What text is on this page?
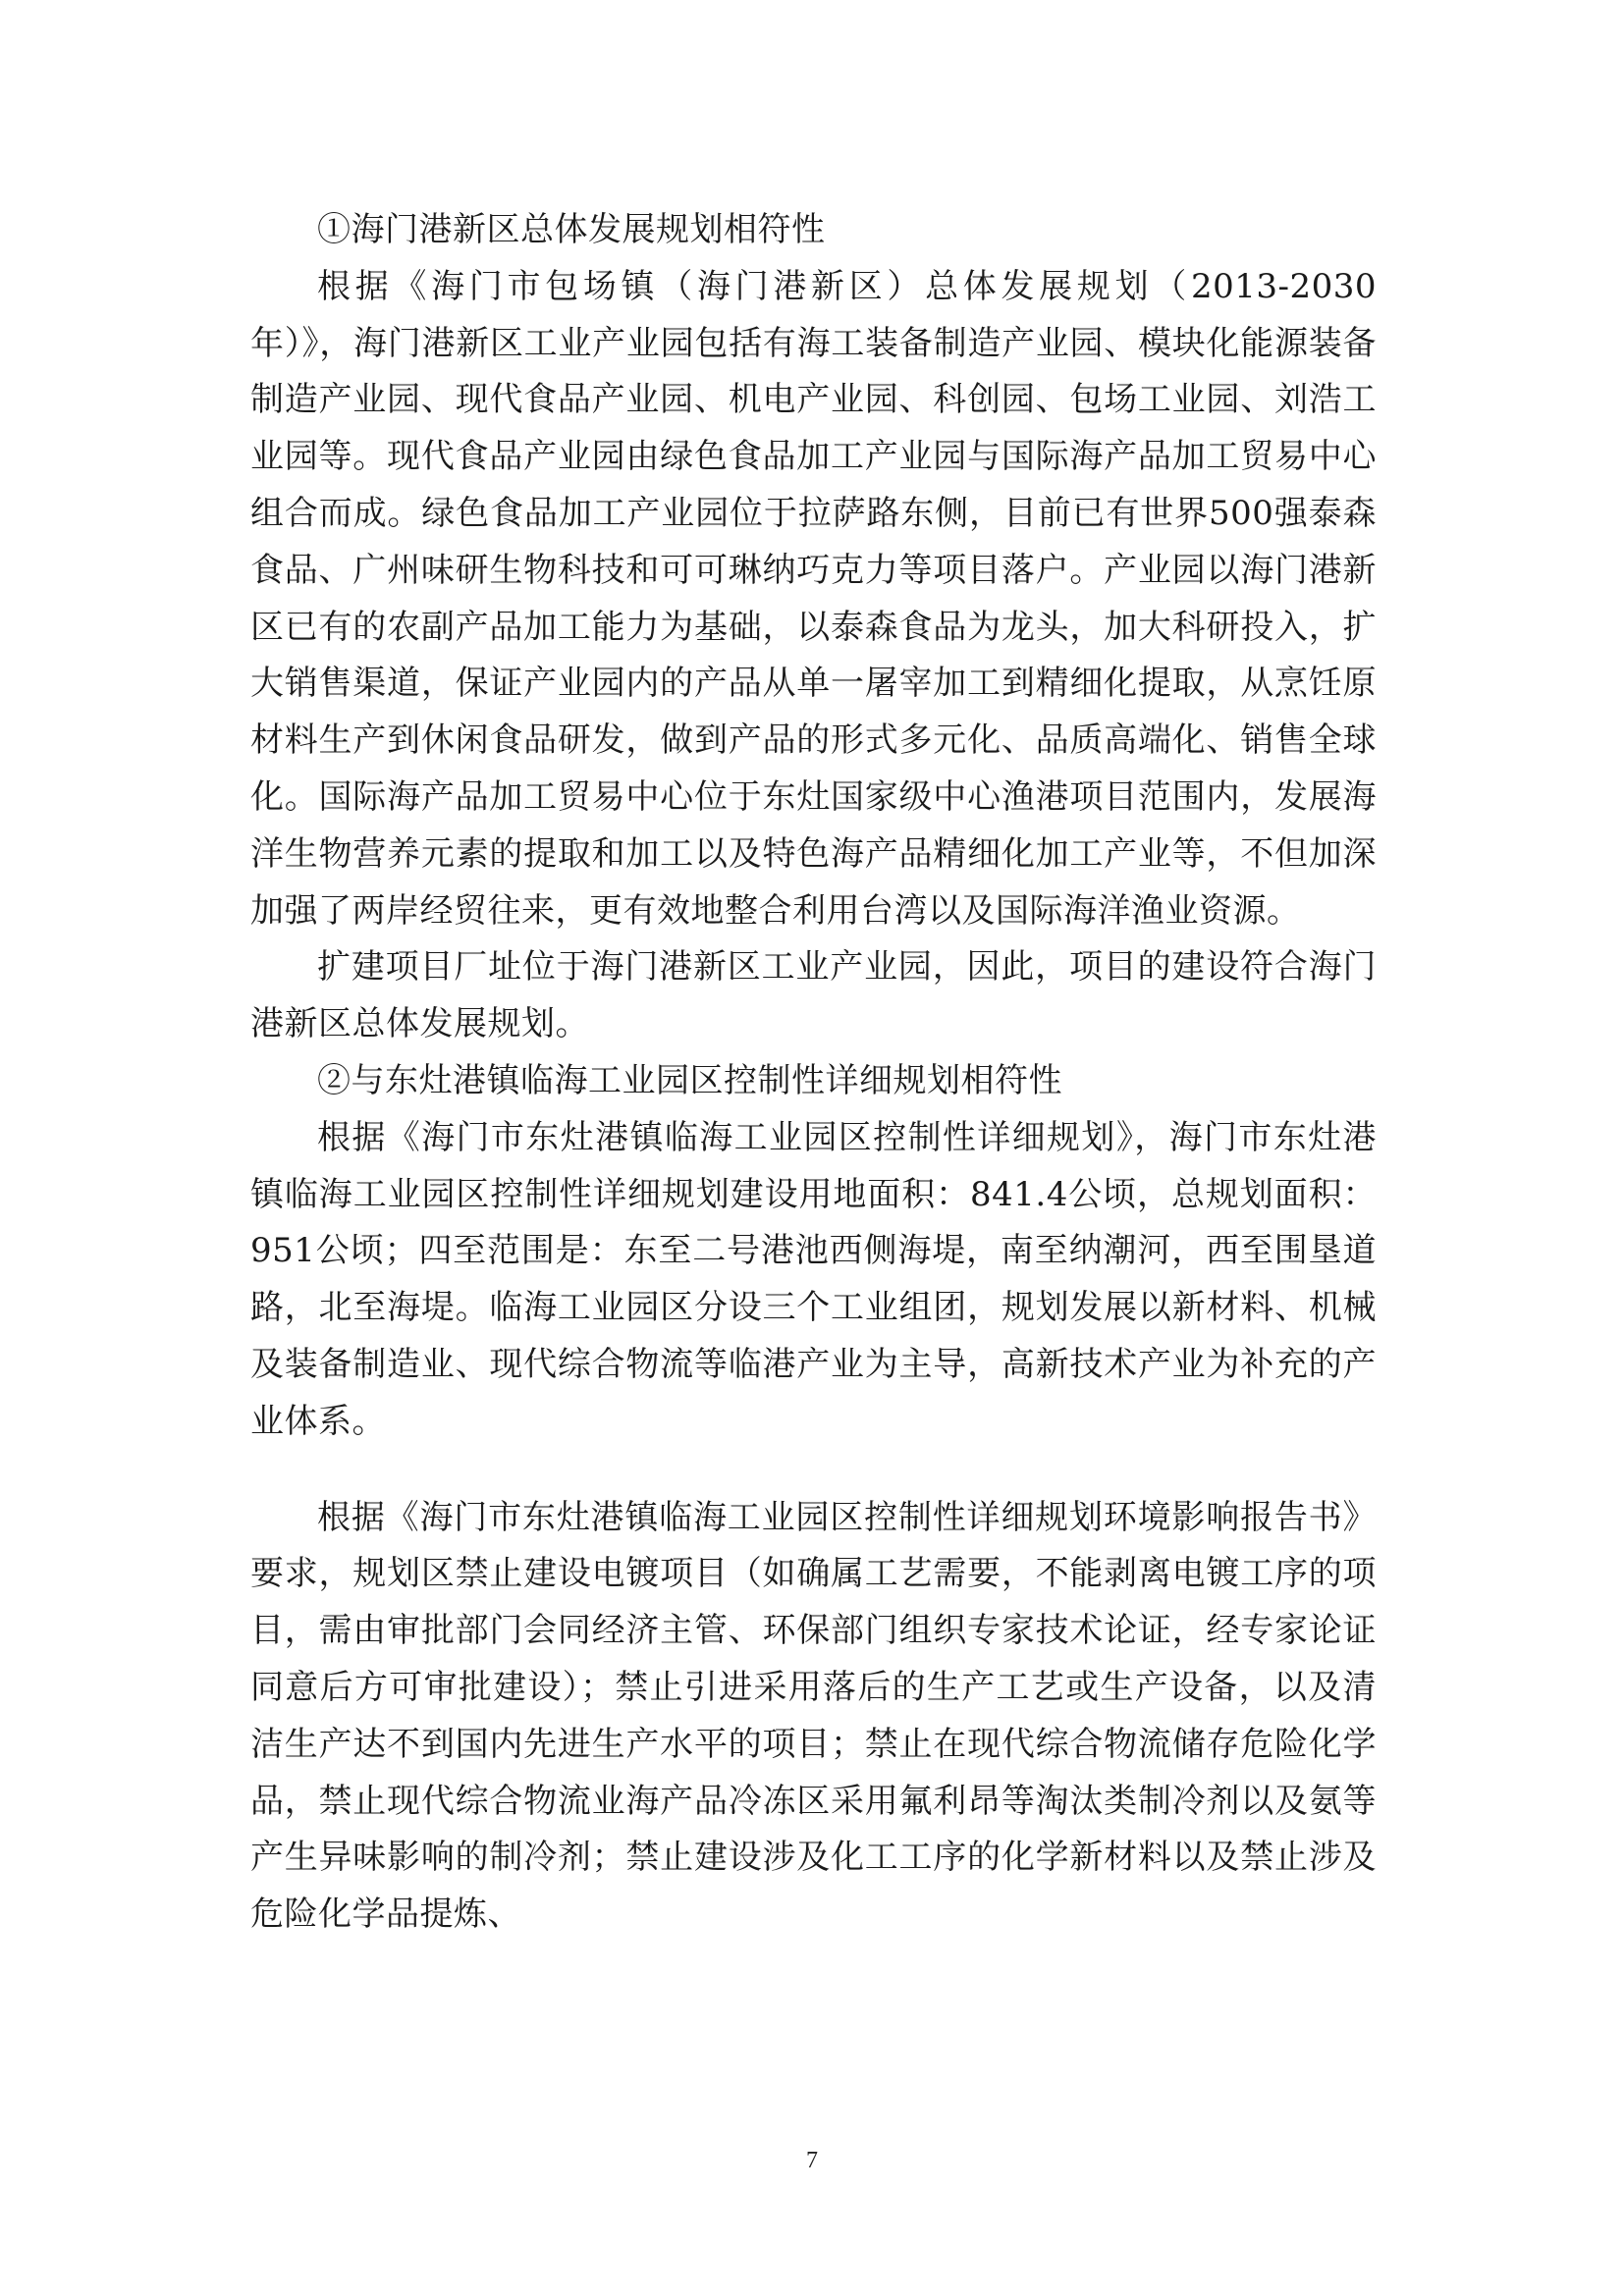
①海门港新区总体发展规划相符性

根据《海门市包场镇（海门港新区）总体发展规划（2013-2030年）》，海门港新区工业产业园包括有海工装备制造产业园、模块化能源装备制造产业园、现代食品产业园、机电产业园、科创园、包场工业园、刘浩工业园等。现代食品产业园由绿色食品加工产业园与国际海产品加工贸易中心组合而成。绿色食品加工产业园位于拉萨路东侧，目前已有世界500强泰森食品、广州味研生物科技和可可琳纳巧克力等项目落户。产业园以海门港新区已有的农副产品加工能力为基础，以泰森食品为龙头，加大科研投入，扩大销售渠道，保证产业园内的产品从单一屠宰加工到精细化提取，从烹饪原材料生产到休闲食品研发，做到产品的形式多元化、品质高端化、销售全球化。国际海产品加工贸易中心位于东灶国家级中心渔港项目范围内，发展海洋生物营养元素的提取和加工以及特色海产品精细化加工产业等，不但加深加强了两岸经贸往来，更有效地整合利用台湾以及国际海洋渔业资源。

扩建项目厂址位于海门港新区工业产业园，因此，项目的建设符合海门港新区总体发展规划。

②与东灶港镇临海工业园区控制性详细规划相符性

根据《海门市东灶港镇临海工业园区控制性详细规划》，海门市东灶港镇临海工业园区控制性详细规划建设用地面积：841.4公顷，总规划面积：951公顷；四至范围是：东至二号港池西侧海堤，南至纳潮河，西至围垦道路，北至海堤。临海工业园区分设三个工业组团，规划发展以新材料、机械及装备制造业、现代综合物流等临港产业为主导，高新技术产业为补充的产业体系。

根据《海门市东灶港镇临海工业园区控制性详细规划环境影响报告书》要求，规划区禁止建设电镀项目（如确属工艺需要，不能剥离电镀工序的项目，需由审批部门会同经济主管、环保部门组织专家技术论证，经专家论证同意后方可审批建设）；禁止引进采用落后的生产工艺或生产设备，以及清洁生产达不到国内先进生产水平的项目；禁止在现代综合物流储存危险化学品，禁止现代综合物流业海产品冷冻区采用氟利昂等淘汰类制冷剂以及氨等产生异味影响的制冷剂；禁止建设涉及化工工序的化学新材料以及禁止涉及危险化学品提炼、

7
